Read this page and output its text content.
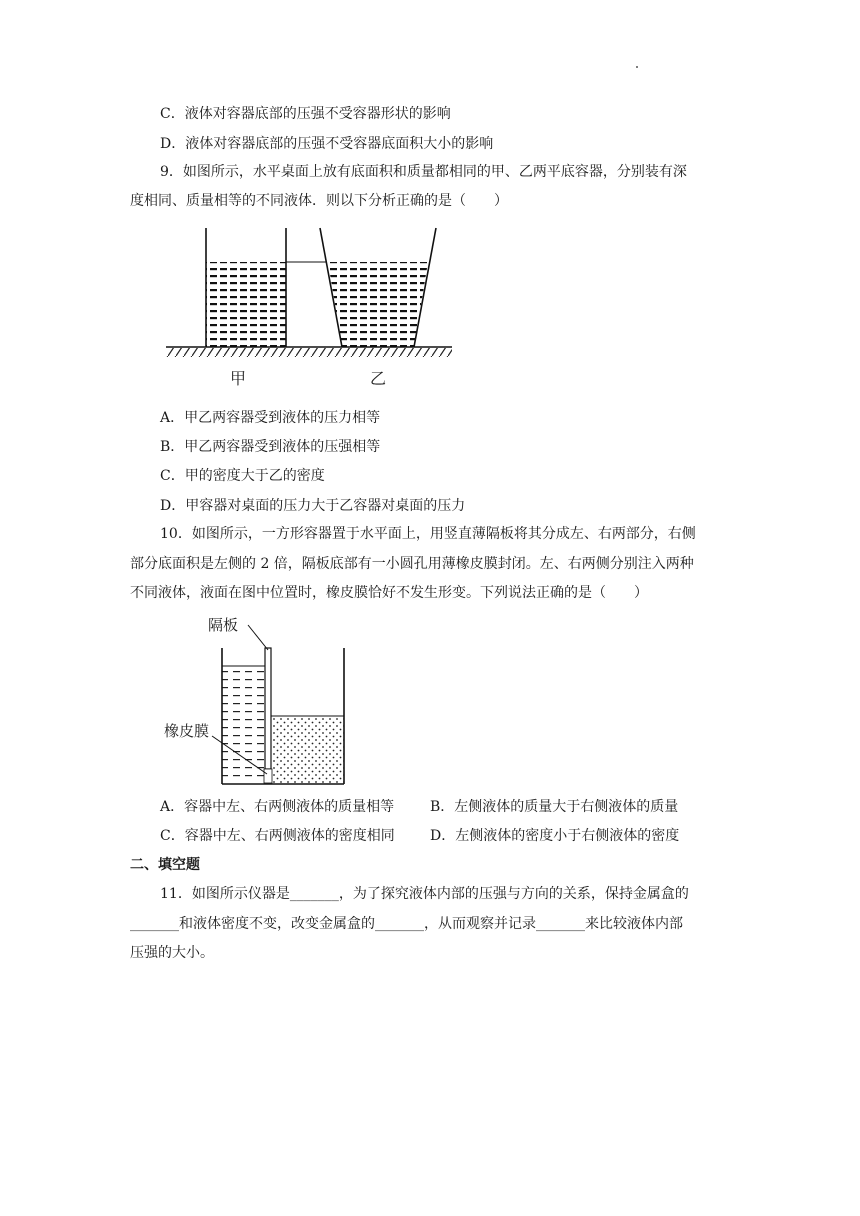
C．液体对容器底部的压强不受容器形状的影响
D．液体对容器底部的压强不受容器底面积大小的影响
9．如图所示，水平桌面上放有底面积和质量都相同的甲、乙两平底容器，分别装有深
度相同、质量相等的不同液体．则以下分析正确的是（　　）
甲	乙
A．甲乙两容器受到液体的压力相等
B．甲乙两容器受到液体的压强相等
C．甲的密度大于乙的密度
D．甲容器对桌面的压力大于乙容器对桌面的压力
10．如图所示，一方形容器置于水平面上，用竖直薄隔板将其分成左、右两部分，右侧
部分底面积是左侧的 2 倍，隔板底部有一小圆孔用薄橡皮膜封闭。左、右两侧分别注入两种
不同液体，液面在图中位置时，橡皮膜恰好不发生形变。下列说法正确的是（　　）
隔板
橡皮膜
A．容器中左、右两侧液体的质量相等	B．左侧液体的质量大于右侧液体的质量
C．容器中左、右两侧液体的密度相同	D．左侧液体的密度小于右侧液体的密度
二、填空题
11．如图所示仪器是_______，为了探究液体内部的压强与方向的关系，保持金属盒的
_______和液体密度不变，改变金属盒的_______，从而观察并记录_______来比较液体内部
压强的大小。
